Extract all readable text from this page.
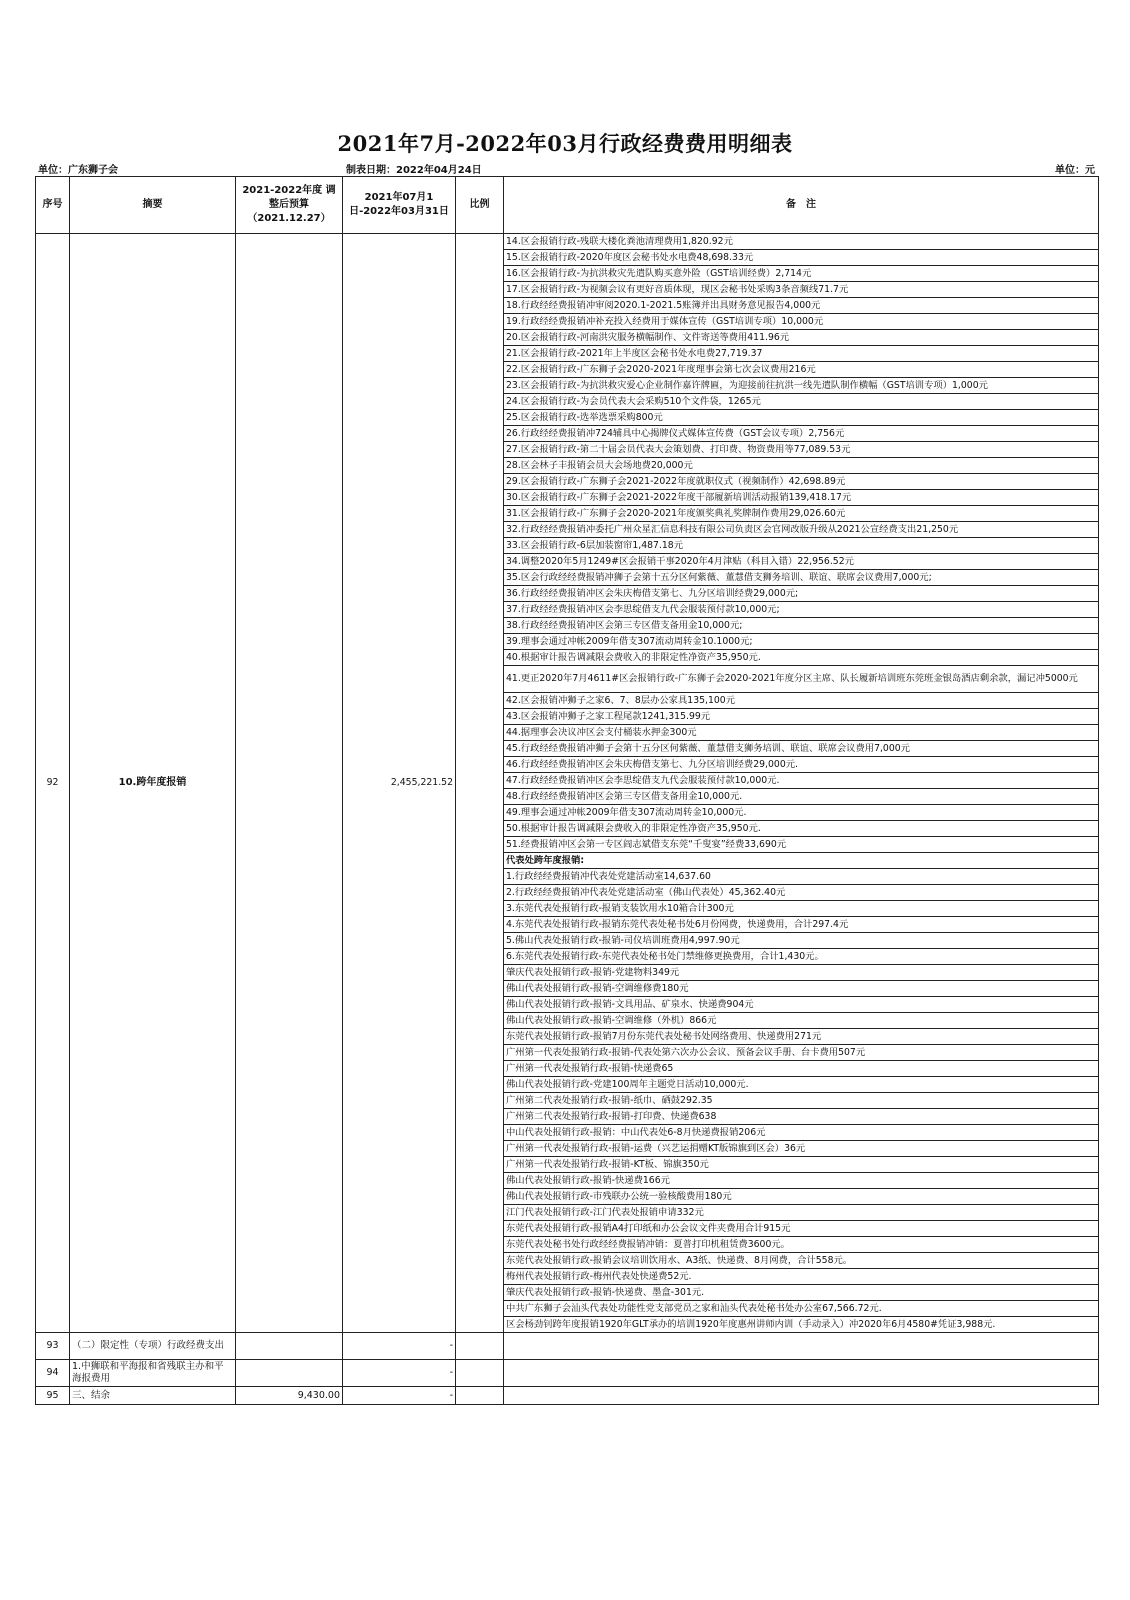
2021年7月-2022年03月行政经费费用明细表
单位：广东狮子会	制表日期：2022年04月24日	单位：元
序号	摘要	2021-2022年度 调整后预算（2021.12.27）	2021年07月1日-2022年03月31日	比例	备　注
92	10.跨年度报销		2,455,221.52		14.区会报销行政-残联大楼化粪池清理费用1,820.92元
					15.区会报销行政-2020年度区会秘书处水电费48,698.33元
					16.区会报销行政-为抗洪救灾先遣队购买意外险（GST培训经费）2,714元
					17.区会报销行政-为视频会议有更好音质体现，现区会秘书处采购3条音频线71.7元
					18.行政经经费报销冲审阅2020.1-2021.5账簿并出具财务意见报告4,000元
					19.行政经经费报销冲补充投入经费用于媒体宣传（GST培训专项）10,000元
					20.区会报销行政-河南洪灾服务横幅制作、文件寄送等费用411.96元
					21.区会报销行政-2021年上半度区会秘书处水电费27,719.37
					22.区会报销行政-广东狮子会2020-2021年度理事会第七次会议费用216元
					23.区会报销行政-为抗洪救灾爱心企业制作嘉许牌匾，为迎接前往抗洪一线先遣队制作横幅（GST培训专项）1,000元
					24.区会报销行政-为会员代表大会采购510个文件袋，1265元
					25.区会报销行政-选举选票采购800元
					26.行政经经费报销冲724辅具中心揭牌仪式媒体宣传费（GST会议专项）2,756元
					27.区会报销行政-第二十届会员代表大会策划费、打印费、物资费用等77,089.53元
					28.区会林子丰报销会员大会场地费20,000元
					29.区会报销行政-广东狮子会2021-2022年度就职仪式（视频制作）42,698.89元
					30.区会报销行政-广东狮子会2021-2022年度干部履新培训活动报销139,418.17元
					31.区会报销行政-广东狮子会2020-2021年度颁奖典礼奖牌制作费用29,026.60元
					32.行政经经费报销冲委托广州众星汇信息科技有限公司负责区会官网改版升级从2021公宣经费支出21,250元
					33.区会报销行政-6层加装窗帘1,487.18元
					34.调整2020年5月1249#区会报销干事2020年4月津贴（科目入错）22,956.52元
					35.区会行政经经费报销冲狮子会第十五分区何紫薇、董慧借支狮务培训、联谊、联席会议费用7,000元;
					36.行政经经费报销冲区会朱庆梅借支第七、九分区培训经费29,000元;
					37.行政经经费报销冲区会李思绽借支九代会服装预付款10,000元;
					38.行政经经费报销冲区会第三专区借支备用金10,000元;
					39.理事会通过冲帐2009年借支307流动周转金10.1000元;
					40.根据审计报告调减限会费收入的非限定性净资产35,950元.
					41.更正2020年7月4611#区会报销行政-广东狮子会2020-2021年度分区主席、队长履新培训班东莞班金银岛酒店剩余款，漏记冲5000元
					42.区会报销冲狮子之家6、7、8层办公家具135,100元
					43.区会报销冲狮子之家工程尾款1241,315.99元
					44.据理事会决议冲区会支付桶装水押金300元
					45.行政经经费报销冲狮子会第十五分区何紫薇、董慧借支狮务培训、联谊、联席会议费用7,000元
					46.行政经经费报销冲区会朱庆梅借支第七、九分区培训经费29,000元.
					47.行政经经费报销冲区会李思绽借支九代会服装预付款10,000元.
					48.行政经经费报销冲区会第三专区借支备用金10,000元.
					49.理事会通过冲帐2009年借支307流动周转金10,000元.
					50.根据审计报告调减限会费收入的非限定性净资产35,950元.
					51.经费报销冲区会第一专区阎志斌借支东莞“千叟宴”经费33,690元
					代表处跨年度报销:
					1.行政经经费报销冲代表处党建活动室14,637.60
					2.行政经经费报销冲代表处党建活动室（佛山代表处）45,362.40元
					3.东莞代表处报销行政-报销支装饮用水10箱合计300元
					4.东莞代表处报销行政-报销东莞代表处秘书处6月份网费，快递费用，合计297.4元
					5.佛山代表处报销行政-报销-司仪培训班费用4,997.90元
					6.东莞代表处报销行政-东莞代表处秘书处门禁维修更换费用，合计1,430元。
					肇庆代表处报销行政-报销-党建物料349元
					佛山代表处报销行政-报销-空调维修费180元
					佛山代表处报销行政-报销-文具用品、矿泉水、快递费904元
					佛山代表处报销行政-报销-空调维修（外机）866元
					东莞代表处报销行政-报销7月份东莞代表处秘书处网络费用、快递费用271元
					广州第一代表处报销行政-报销-代表处第六次办公会议、预备会议手册、台卡费用507元
					广州第一代表处报销行政-报销-快递费65
					佛山代表处报销行政-党建100周年主题党日活动10,000元.
					广州第二代表处报销行政-报销-纸巾、硒鼓292.35
					广州第二代表处报销行政-报销-打印费、快递费638
					中山代表处报销行政-报销：中山代表处6-8月快递费报销206元
					广州第一代表处报销行政-报销-运费（兴艺运捐赠KT版锦旗到区会）36元
					广州第一代表处报销行政-报销-KT板、锦旗350元
					佛山代表处报销行政-报销-快递费166元
					佛山代表处报销行政-市残联办公统一验核酸费用180元
					江门代表处报销行政-江门代表处报销申请332元
					东莞代表处报销行政-报销A4打印纸和办公会议文件夹费用合计915元
					东莞代表处秘书处行政经经费报销冲销：夏普打印机租赁费3600元。
					东莞代表处报销行政-报销会议培训饮用水、A3纸、快递费、8月网费，合计558元。
					梅州代表处报销行政-梅州代表处快递费52元.
					肇庆代表处报销行政-报销-快递费、墨盒-301元.
					中共广东狮子会汕头代表处功能性党支部党员之家和汕头代表处秘书处办公室67,566.72元.
					区会杨劲钊跨年度报销1920年GLT承办的培训1920年度惠州讲师内训（手动录入）冲2020年6月4580#凭证3,988元.
93	（二）限定性（专项）行政经费支出		-		
94	1.中狮联和平海报和省残联主办和平海报费用		-		
95	三、结余	9,430.00	-		
